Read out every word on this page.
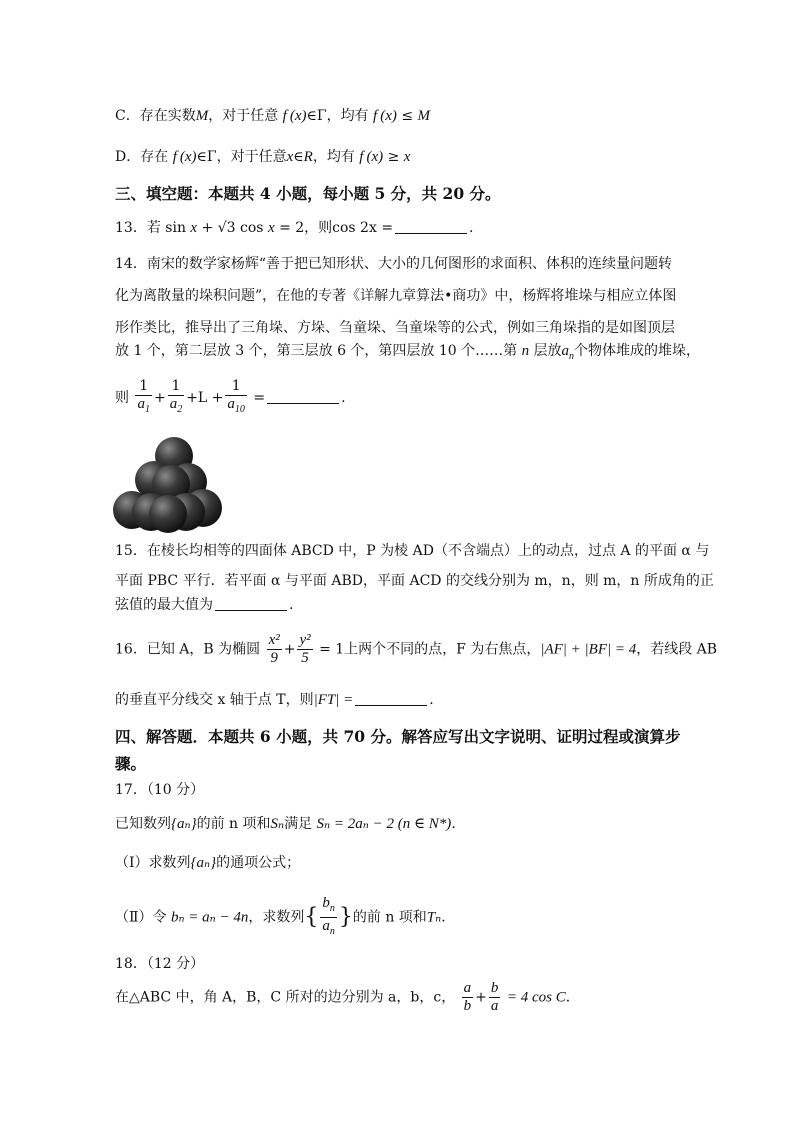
C．存在实数M，对于任意 f (x)∈Γ，均有 f (x) ≤ M
D．存在 f (x)∈Γ，对于任意x∈R，均有 f (x) ≥ x
三、填空题：本题共 4 小题，每小题 5 分，共 20 分。
13．若 sin x + √3 cos x = 2，则cos 2x =	.
14．南宋的数学家杨辉“善于把已知形状、大小的几何图形的求面积、体积的连续量问题转
化为离散量的垛积问题”，在他的专著《详解九章算法•商功》中，杨辉将堆垛与相应立体图
形作类比，推导出了三角垛、方垛、刍童垛、刍童垛等的公式，例如三角垛指的是如图顶层
放 1 个，第二层放 3 个，第三层放 6 个，第四层放 10 个……第 n 层放$a_n$个物体堆成的堆垛，
则 $\frac{1}{a_1} + \frac{1}{a_2} +L + \frac{1}{a_{10}}$ =	.
15．在棱长均相等的四面体 ABCD 中，P 为棱 AD（不含端点）上的动点，过点 A 的平面 α 与
平面 PBC 平行．若平面 α 与平面 ABD，平面 ACD 的交线分别为 m，n，则 m，n 所成角的正
弦值的最大值为	.
16．已知 A，B 为椭圆 $\frac{\text{x²}}{9} + \frac{\text{y²}}{5} = 1$上两个不同的点，F 为右焦点，|AF| + |BF| = 4，若线段 AB
的垂直平分线交 x 轴于点 T，则|FT| =	.
四、解答题．本题共 6 小题，共 70 分。解答应写出文字说明、证明过程或演算步
骤。
17．（10 分）
已知数列{aₙ}的前 n 项和Sₙ满足 Sₙ = 2aₙ − 2 (n ∈ N*)．
（Ⅰ）求数列{aₙ}的通项公式；
（Ⅱ）令 bₙ = aₙ − 4n，求数列{ $\frac{b_n}{a_n}$ }的前 n 项和Tₙ．
18．（12 分）
在△ABC 中，角 A，B，C 所对的边分别为 a，b，c， $\frac{a}{b} + \frac{b}{a} = 4$ cos C．
